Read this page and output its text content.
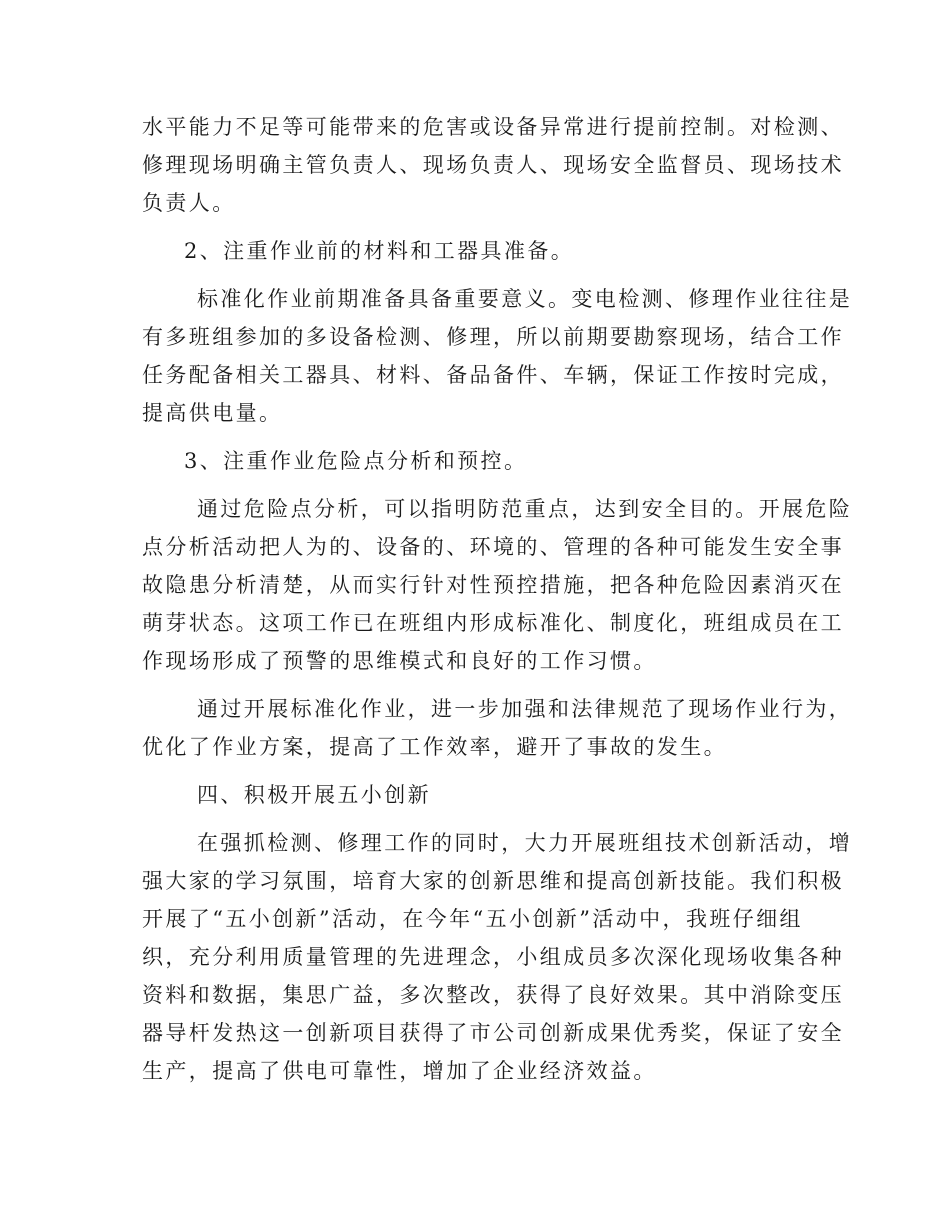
水平能力不足等可能带来的危害或设备异常进行提前控制。对检测、
修理现场明确主管负责人、现场负责人、现场安全监督员、现场技术
负责人。
2、注重作业前的材料和工器具准备。
标准化作业前期准备具备重要意义。变电检测、修理作业往往是
有多班组参加的多设备检测、修理，所以前期要勘察现场，结合工作
任务配备相关工器具、材料、备品备件、车辆，保证工作按时完成，
提高供电量。
3、注重作业危险点分析和预控。
通过危险点分析，可以指明防范重点，达到安全目的。开展危险
点分析活动把人为的、设备的、环境的、管理的各种可能发生安全事
故隐患分析清楚，从而实行针对性预控措施，把各种危险因素消灭在
萌芽状态。这项工作已在班组内形成标准化、制度化，班组成员在工
作现场形成了预警的思维模式和良好的工作习惯。
通过开展标准化作业，进一步加强和法律规范了现场作业行为，
优化了作业方案，提高了工作效率，避开了事故的发生。
四、积极开展五小创新
在强抓检测、修理工作的同时，大力开展班组技术创新活动，增
强大家的学习氛围，培育大家的创新思维和提高创新技能。我们积极
开展了“五小创新”活动，在今年“五小创新”活动中，我班仔细组
织，充分利用质量管理的先进理念，小组成员多次深化现场收集各种
资料和数据，集思广益，多次整改，获得了良好效果。其中消除变压
器导杆发热这一创新项目获得了市公司创新成果优秀奖，保证了安全
生产，提高了供电可靠性，增加了企业经济效益。
